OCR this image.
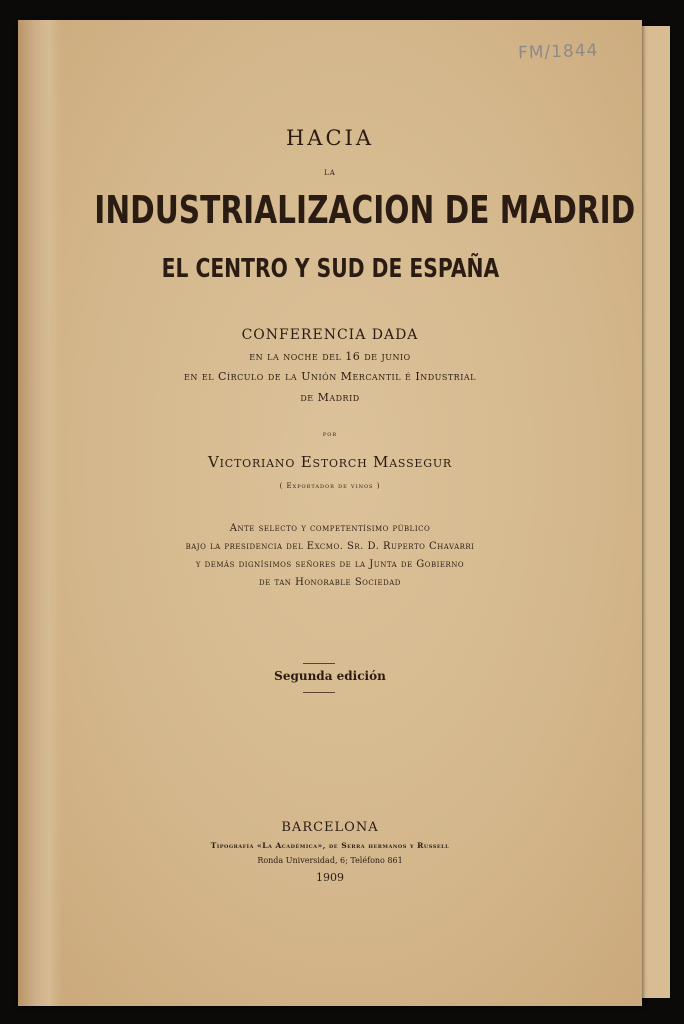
FM/1844
HACIA
LA
INDUSTRIALIZACION DE MADRID
EL CENTRO Y SUD DE ESPAÑA
CONFERENCIA DADA
en la noche del 16 de junio
en el Círculo de la Unión Mercantil é Industrial
de Madrid
por
Victoriano Estorch Massegur
( Exportador de vinos )
Ante selecto y competentísimo público
bajo la presidencia del Excmo. Sr. D. Ruperto Chavarri
y demás dignísimos señores de la Junta de Gobierno
de tan Honorable Sociedad
Segunda edición
BARCELONA
Tipografía «La Académica», de Serra hermanos y Russell
Ronda Universidad, 6; Teléfono 861
1909
